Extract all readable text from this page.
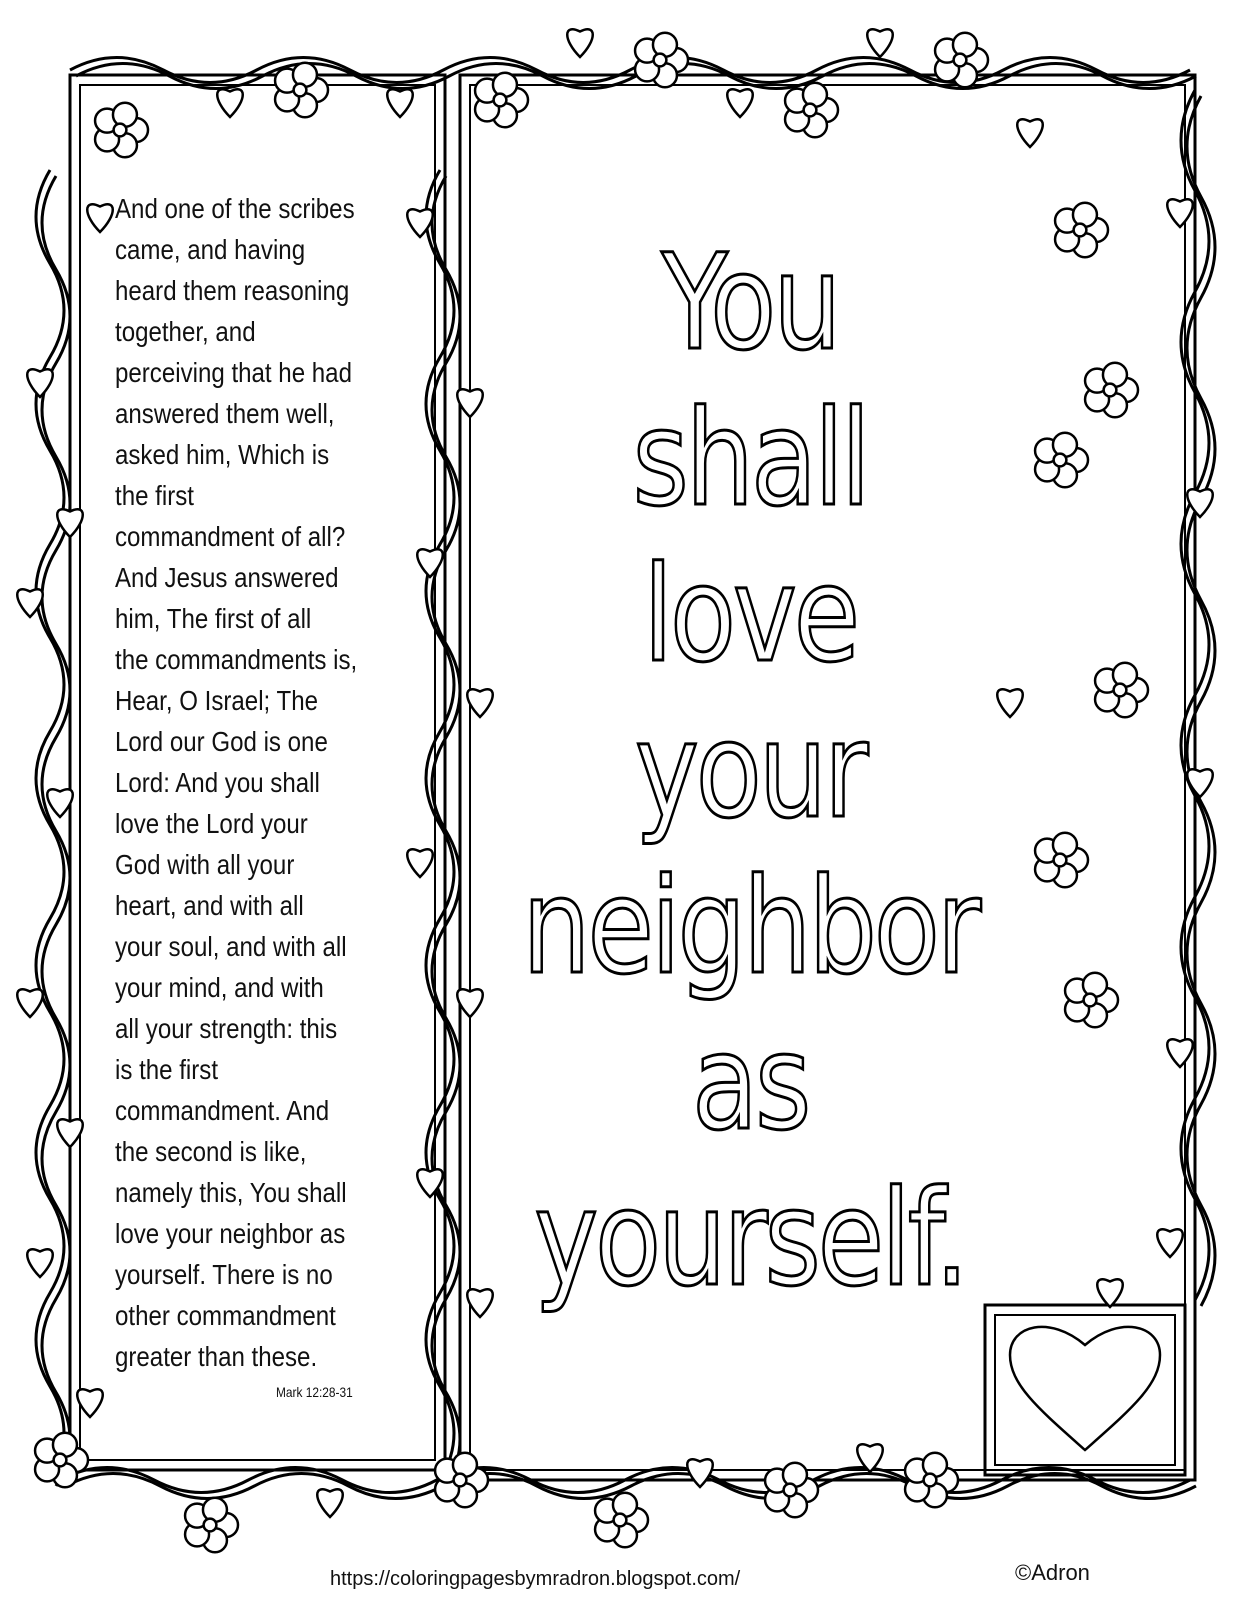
And one of the scribes
came, and having
heard them reasoning
together, and
perceiving that he had
answered them well,
asked him, Which is
the first
commandment of all?
And Jesus answered
him, The first of all
the commandments is,
Hear, O Israel; The
Lord our God is one
Lord: And you shall
love the Lord your
God with all your
heart, and with all
your soul, and with all
your mind, and with
all your strength: this
is the first
commandment. And
the second is like,
namely this, You shall
love your neighbor as
yourself. There is no
other commandment
greater than these.
Mark 12:28-31
You
shall
love
your
neighbor
as
yourself.
https://coloringpagesbymradron.blogspot.com/	©Adron
